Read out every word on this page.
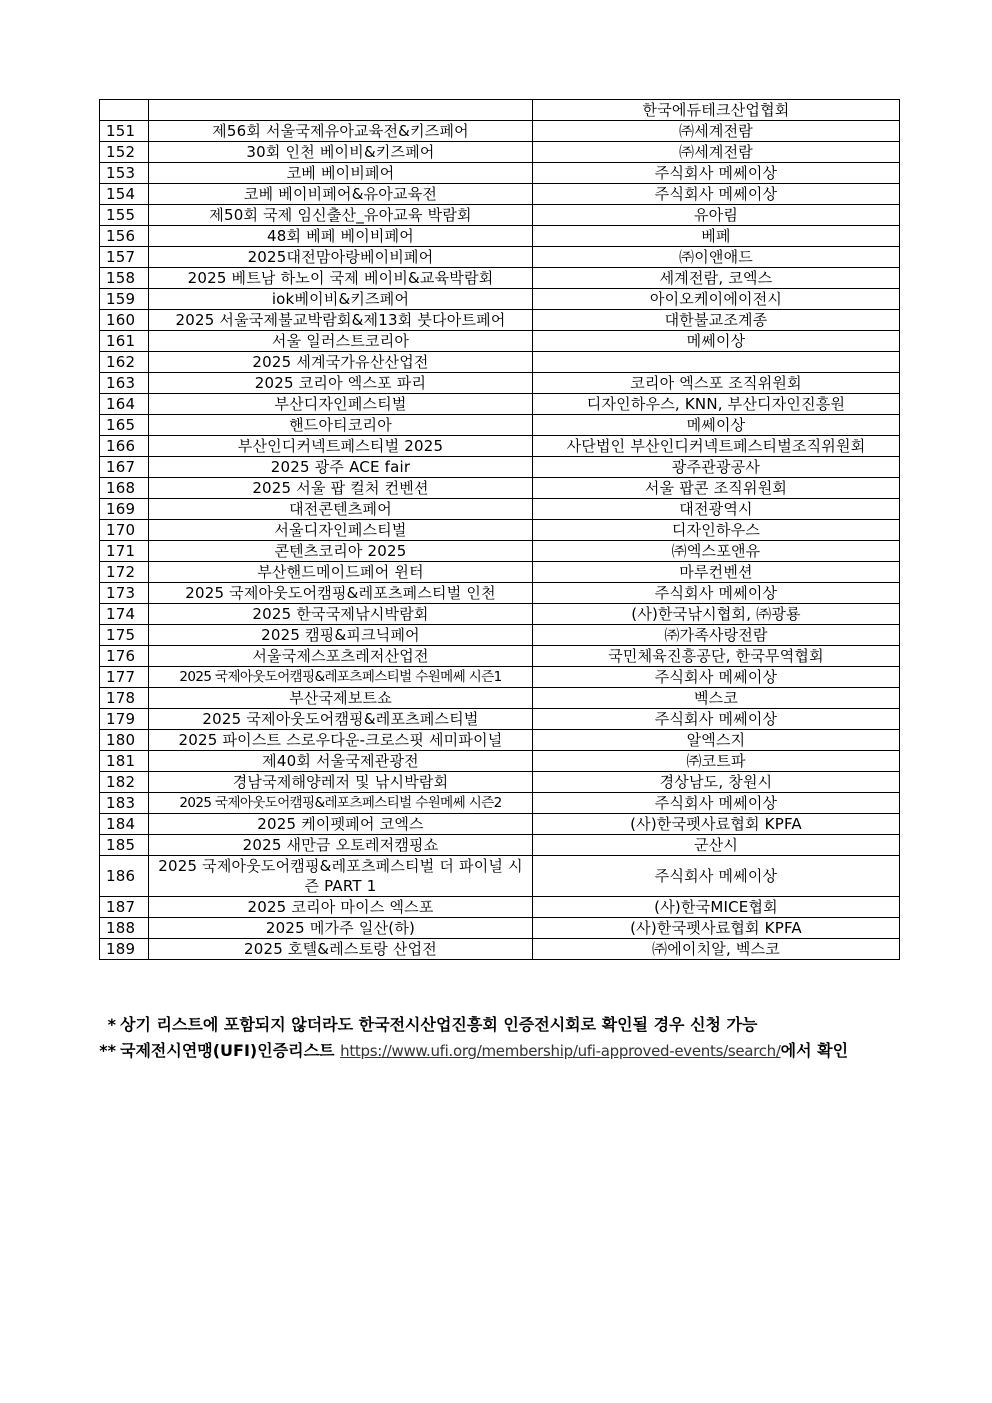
		한국에듀테크산업협회
151	제56회 서울국제유아교육전&키즈페어	㈜세계전람
152	30회 인천 베이비&키즈페어	㈜세계전람
153	코베 베이비페어	주식회사 메쎄이상
154	코베 베이비페어&유아교육전	주식회사 메쎄이상
155	제50회 국제 임신출산_유아교육 박람회	유아림
156	48회 베페 베이비페어	베페
157	2025대전맘아랑베이비페어	㈜이앤애드
158	2025 베트남 하노이 국제 베이비&교육박람회	세계전람, 코엑스
159	iok베이비&키즈페어	아이오케이에이전시
160	2025 서울국제불교박람회&제13회 붓다아트페어	대한불교조계종
161	서울 일러스트코리아	메쎄이상
162	2025 세계국가유산산업전	
163	2025 코리아 엑스포 파리	코리아 엑스포 조직위원회
164	부산디자인페스티벌	디자인하우스, KNN, 부산디자인진흥원
165	핸드아티코리아	메쎄이상
166	부산인디커넥트페스티벌 2025	사단법인 부산인디커넥트페스티벌조직위원회
167	2025 광주 ACE fair	광주관광공사
168	2025 서울 팝 컬처 컨벤션	서울 팝콘 조직위원회
169	대전콘텐츠페어	대전광역시
170	서울디자인페스티벌	디자인하우스
171	콘텐츠코리아 2025	㈜엑스포앤유
172	부산핸드메이드페어 윈터	마루컨벤션
173	2025 국제아웃도어캠핑&레포츠페스티벌 인천	주식회사 메쎄이상
174	2025 한국국제낚시박람회	(사)한국낚시협회, ㈜광룡
175	2025 캠핑&피크닉페어	㈜가족사랑전람
176	서울국제스포츠레저산업전	국민체육진흥공단, 한국무역협회
177	2025 국제아웃도어캠핑&레포츠페스티벌 수원메쎄 시즌1	주식회사 메쎄이상
178	부산국제보트쇼	벡스코
179	2025 국제아웃도어캠핑&레포츠페스티벌	주식회사 메쎄이상
180	2025 파이스트 스로우다운-크로스핏 세미파이널	알엑스지
181	제40회 서울국제관광전	㈜코트파
182	경남국제해양레저 및 낚시박람회	경상남도, 창원시
183	2025 국제아웃도어캠핑&레포츠페스티벌 수원메쎄 시즌2	주식회사 메쎄이상
184	2025 케이펫페어 코엑스	(사)한국펫사료협회 KPFA
185	2025 새만금 오토레저캠핑쇼	군산시
186	2025 국제아웃도어캠핑&레포츠페스티벌 더 파이널 시즌 PART 1	주식회사 메쎄이상
187	2025 코리아 마이스 엑스포	(사)한국MICE협회
188	2025 메가주 일산(하)	(사)한국펫사료협회 KPFA
189	2025 호텔&레스토랑 산업전	㈜에이치알, 벡스코
* 상기 리스트에 포함되지 않더라도 한국전시산업진흥회 인증전시회로 확인될 경우 신청 가능
** 국제전시연맹(UFI)인증리스트 https://www.ufi.org/membership/ufi-approved-events/search/에서 확인
